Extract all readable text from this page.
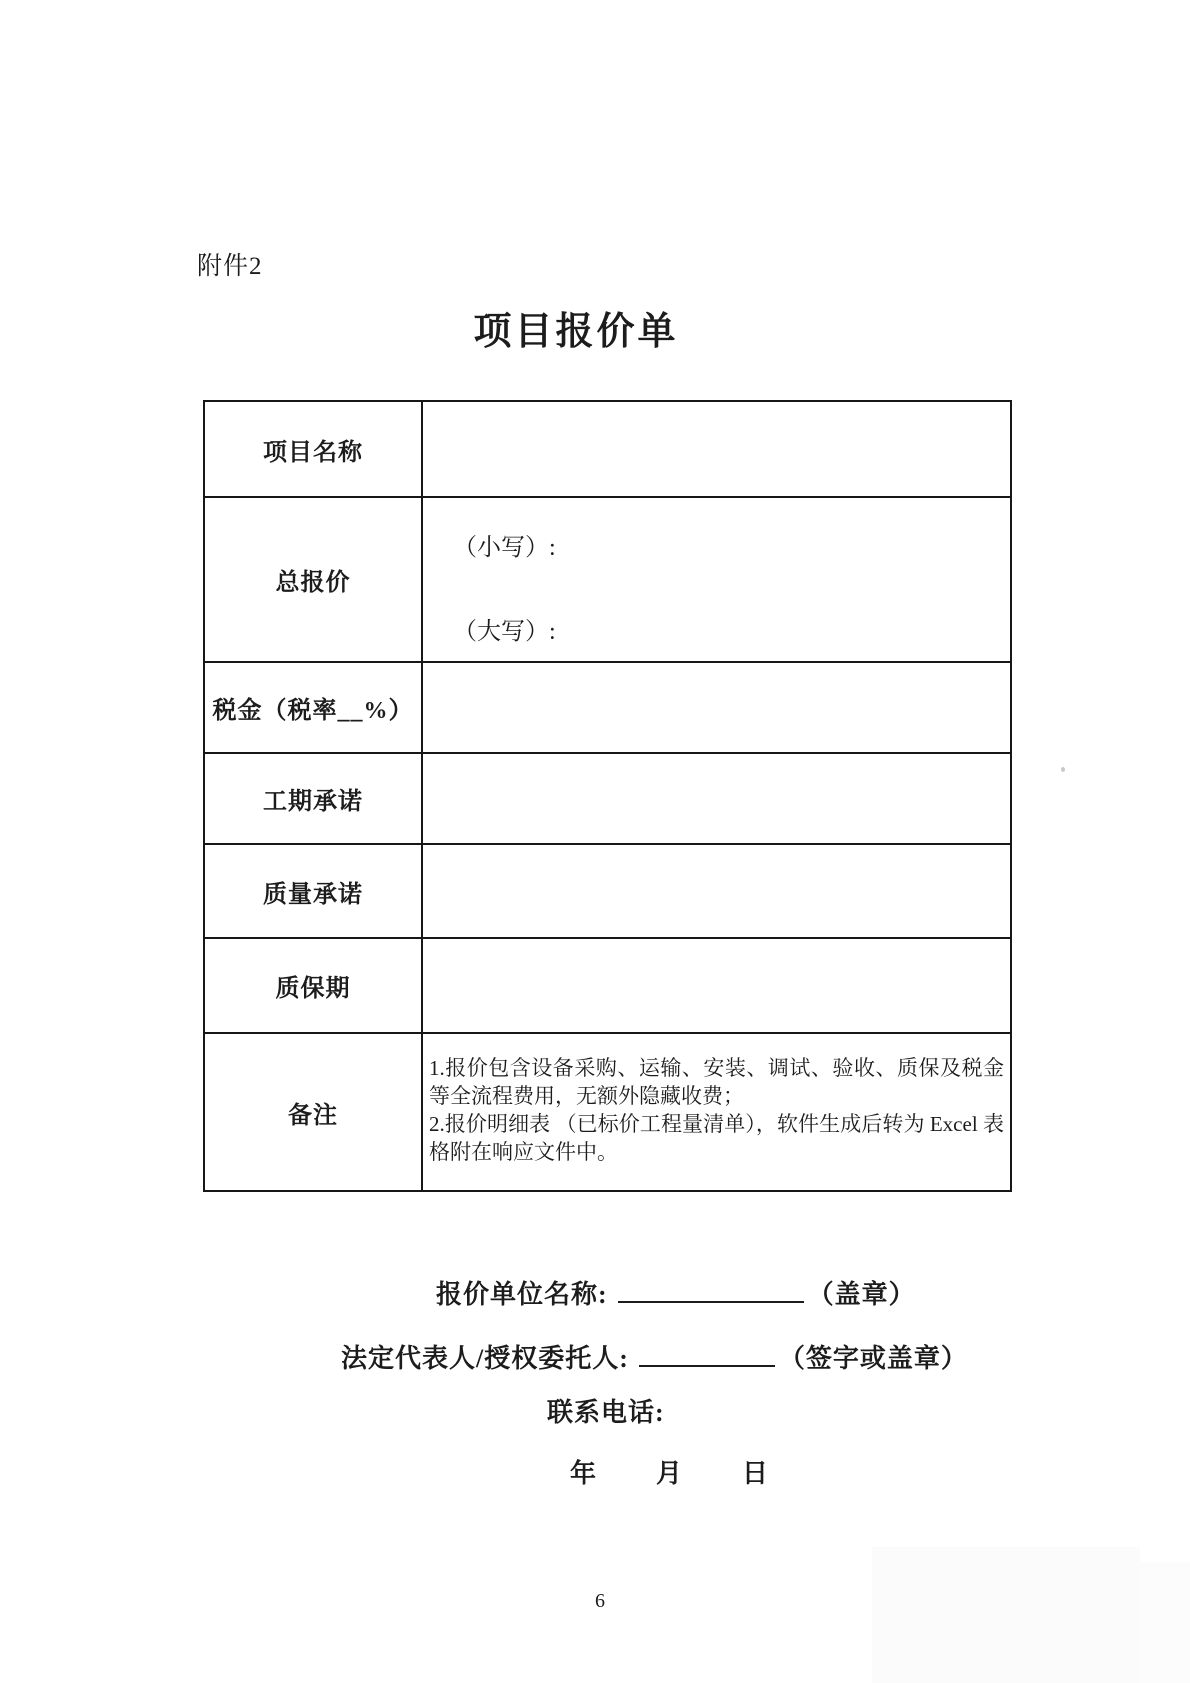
附件2
项目报价单
项目名称
总报价
（小写）:
（大写）:
税金（税率__%）
工期承诺
质量承诺
质保期
备注
1.报价包含设备采购、运输、安装、调试、验收、质保及税金等全流程费用，无额外隐藏收费；
2.报价明细表 （已标价工程量清单），软件生成后转为 Excel 表格附在响应文件中。
报价单位名称:	（盖章）
法定代表人/授权委托人:	（签字或盖章）
联系电话:
年 月 日
6
